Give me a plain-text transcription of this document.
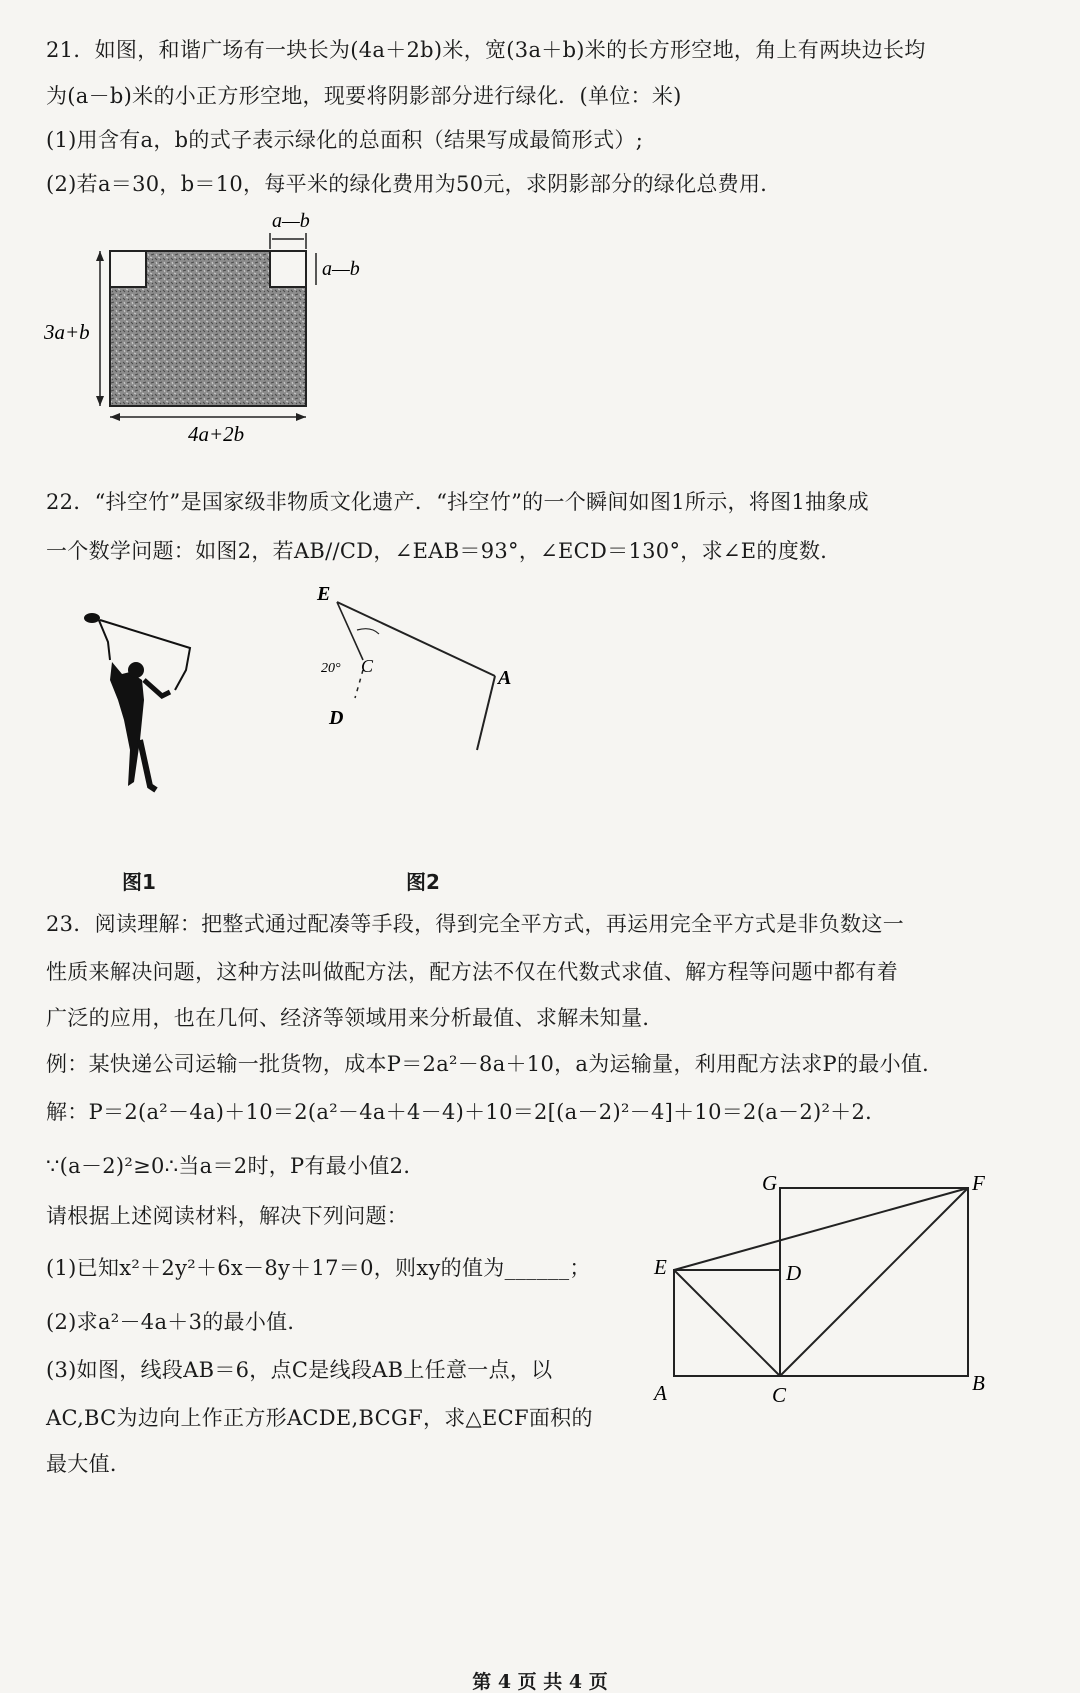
21．如图，和谐广场有一块长为(4a＋2b)米，宽(3a＋b)米的长方形空地，角上有两块边长均
为(a－b)米的小正方形空地，现要将阴影部分进行绿化．(单位：米)
(1)用含有a，b的式子表示绿化的总面积（结果写成最简形式）;
(2)若a＝30，b＝10，每平米的绿化费用为50元，求阴影部分的绿化总费用．
a—b
a—b
3a+b
4a+2b
22．“抖空竹”是国家级非物质文化遗产．“抖空竹”的一个瞬间如图1所示，将图1抽象成
一个数学问题：如图2，若AB//CD，∠EAB＝93°，∠ECD＝130°，求∠E的度数．
E
A
C
D
20°
图1	图2
23．阅读理解：把整式通过配凑等手段，得到完全平方式，再运用完全平方式是非负数这一
性质来解决问题，这种方法叫做配方法，配方法不仅在代数式求值、解方程等问题中都有着
广泛的应用，也在几何、经济等领域用来分析最值、求解未知量．
例：某快递公司运输一批货物，成本P＝2a²－8a＋10，a为运输量，利用配方法求P的最小值．
解：P＝2(a²－4a)＋10＝2(a²－4a＋4－4)＋10＝2[(a－2)²－4]＋10＝2(a－2)²＋2．
∵(a－2)²≥0∴当a＝2时，P有最小值2．
请根据上述阅读材料，解决下列问题：
(1)已知x²＋2y²＋6x－8y＋17＝0，则xy的值为______；
(2)求a²－4a＋3的最小值．
(3)如图，线段AB＝6，点C是线段AB上任意一点，以
AC,BC为边向上作正方形ACDE,BCGF，求△ECF面积的
最大值．
G	F
E	D
A	C	B
第 4 页 共 4 页
